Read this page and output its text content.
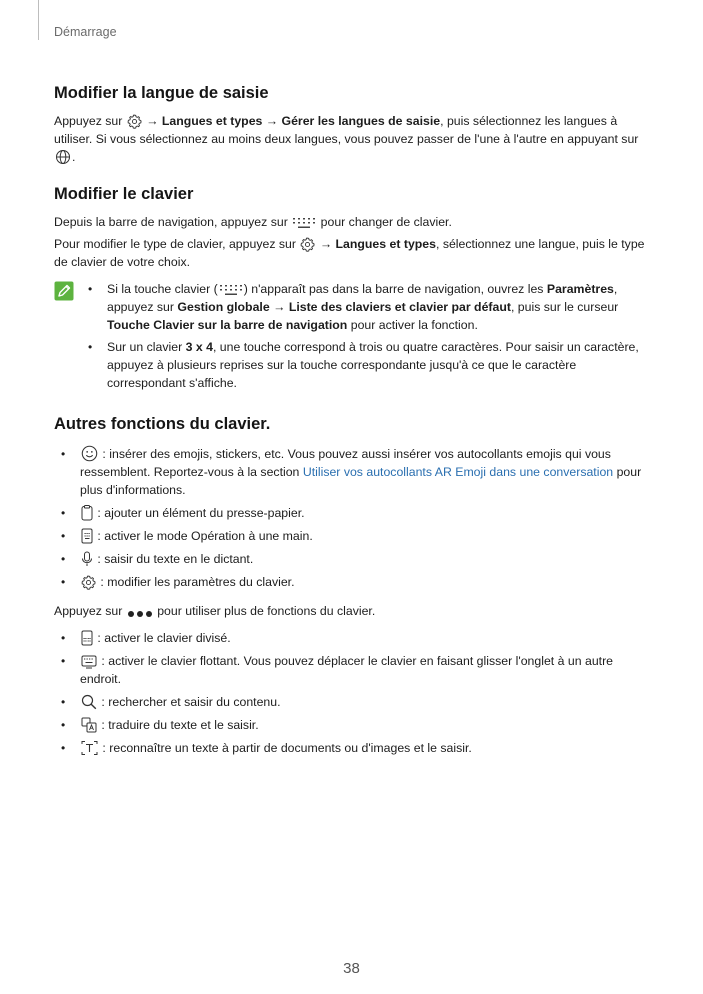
Démarrage
Modifier la langue de saisie

Appuyez sur → Langues et types → Gérer les langues de saisie, puis sélectionnez les langues à utiliser. Si vous sélectionnez au moins deux langues, vous pouvez passer de l'une à l'autre en appuyant sur
.

Modifier le clavier

Depuis la barre de navigation, appuyez sur	pour changer de clavier.

Pour modifier le type de clavier, appuyez sur → Langues et types, sélectionnez une langue, puis le type de clavier de votre choix.

• Si la touche clavier ( ) n'apparaît pas dans la barre de navigation, ouvrez les Paramètres, appuyez sur Gestion globale → Liste des claviers et clavier par défaut, puis sur le curseur Touche Clavier sur la barre de navigation pour activer la fonction.
• Sur un clavier 3 x 4, une touche correspond à trois ou quatre caractères. Pour saisir un caractère, appuyez à plusieurs reprises sur la touche correspondante jusqu'à ce que le caractère correspondant s'affiche.
Autres fonctions du clavier.
• : insérer des emojis, stickers, etc. Vous pouvez aussi insérer vos autocollants emojis qui vous ressemblent. Reportez-vous à la section Utiliser vos autocollants AR Emoji dans une conversation pour plus d'informations.
• : ajouter un élément du presse-papier.
• : activer le mode Opération à une main.
• : saisir du texte en le dictant.
• : modifier les paramètres du clavier.

Appuyez sur	pour utiliser plus de fonctions du clavier.

• : activer le clavier divisé.
• : activer le clavier flottant. Vous pouvez déplacer le clavier en faisant glisser l'onglet à un autre endroit.
• : rechercher et saisir du contenu.
• : traduire du texte et le saisir.
• : reconnaître un texte à partir de documents ou d'images et le saisir.
38
